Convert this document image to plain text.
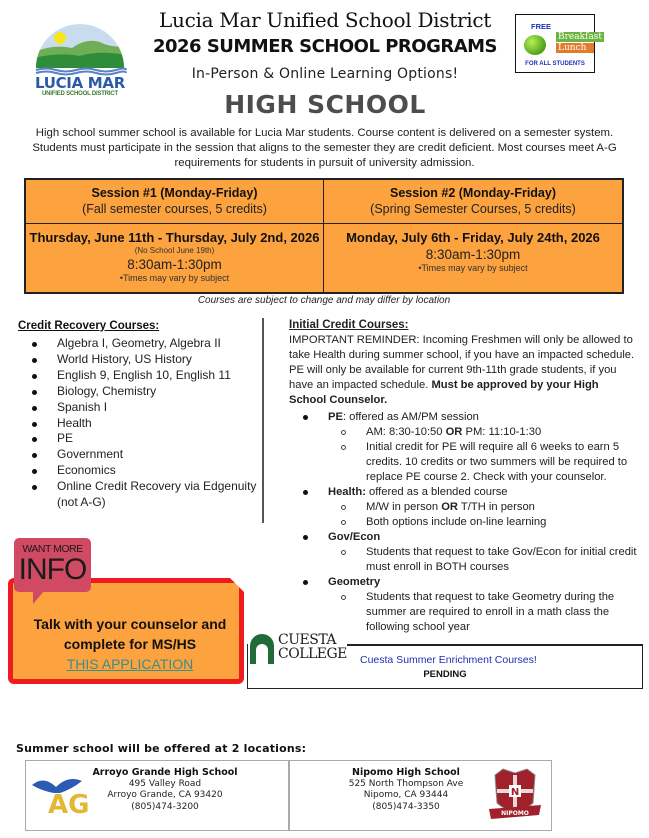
LUCIA MAR
UNIFIED SCHOOL DISTRICT
Lucia Mar Unified School District
2026 SUMMER SCHOOL PROGRAMS
In-Person & Online Learning Options!
HIGH SCHOOL
FREE
Breakfast
Lunch
FOR ALL STUDENTS
High school summer school is available for Lucia Mar students. Course content is delivered on a semester system. Students must participate in the session that aligns to the semester they are credit deficient. Most courses meet A-G requirements for students in pursuit of university admission.
Session #1 (Monday-Friday)
(Fall semester courses, 5 credits)
Thursday, June 11th - Thursday, July 2nd, 2026
(No School June 19th)
8:30am-1:30pm
•Times may vary by subject
Session #2 (Monday-Friday)
(Spring Semester Courses, 5 credits)
Monday, July 6th - Friday, July 24th, 2026
8:30am-1:30pm
•Times may vary by subject
Courses are subject to change and may differ by location
Credit Recovery Courses:
Algebra I, Geometry, Algebra II
World History, US History
English 9, English 10, English 11
Biology, Chemistry
Spanish I
Health
PE
Government
Economics
Online Credit Recovery via Edgenuity (not A-G)
Initial Credit Courses:
IMPORTANT REMINDER: Incoming Freshmen will only be allowed to take Health during summer school, if you have an impacted schedule. PE will only be available for current 9th-11th grade students, if you have an impacted schedule. Must be approved by your High School Counselor.
PE: offered as AM/PM session
AM: 8:30-10:50 OR PM: 11:10-1:30
Initial credit for PE will require all 6 weeks to earn 5 credits. 10 credits or two summers will be required to replace PE course 2. Check with your counselor.
Health: offered as a blended course
M/W in person OR T/TH in person
Both options include on-line learning
Gov/Econ
Students that request to take Gov/Econ for initial credit must enroll in BOTH courses
Geometry
Students that request to take Geometry during the summer are required to enroll in a math class the following school year
WANT MORE
INFO
Talk with your counselor and complete for MS/HS
THIS APPLICATION
CUESTA
COLLEGE Cuesta Summer Enrichment Courses!
PENDING
Summer school will be offered at 2 locations:
AG
Arroyo Grande High School
495 Valley Road
Arroyo Grande, CA 93420
(805)474-3200
Nipomo High School
525 North Thompson Ave
Nipomo, CA 93444
(805)474-3350
N
NIPOMO
